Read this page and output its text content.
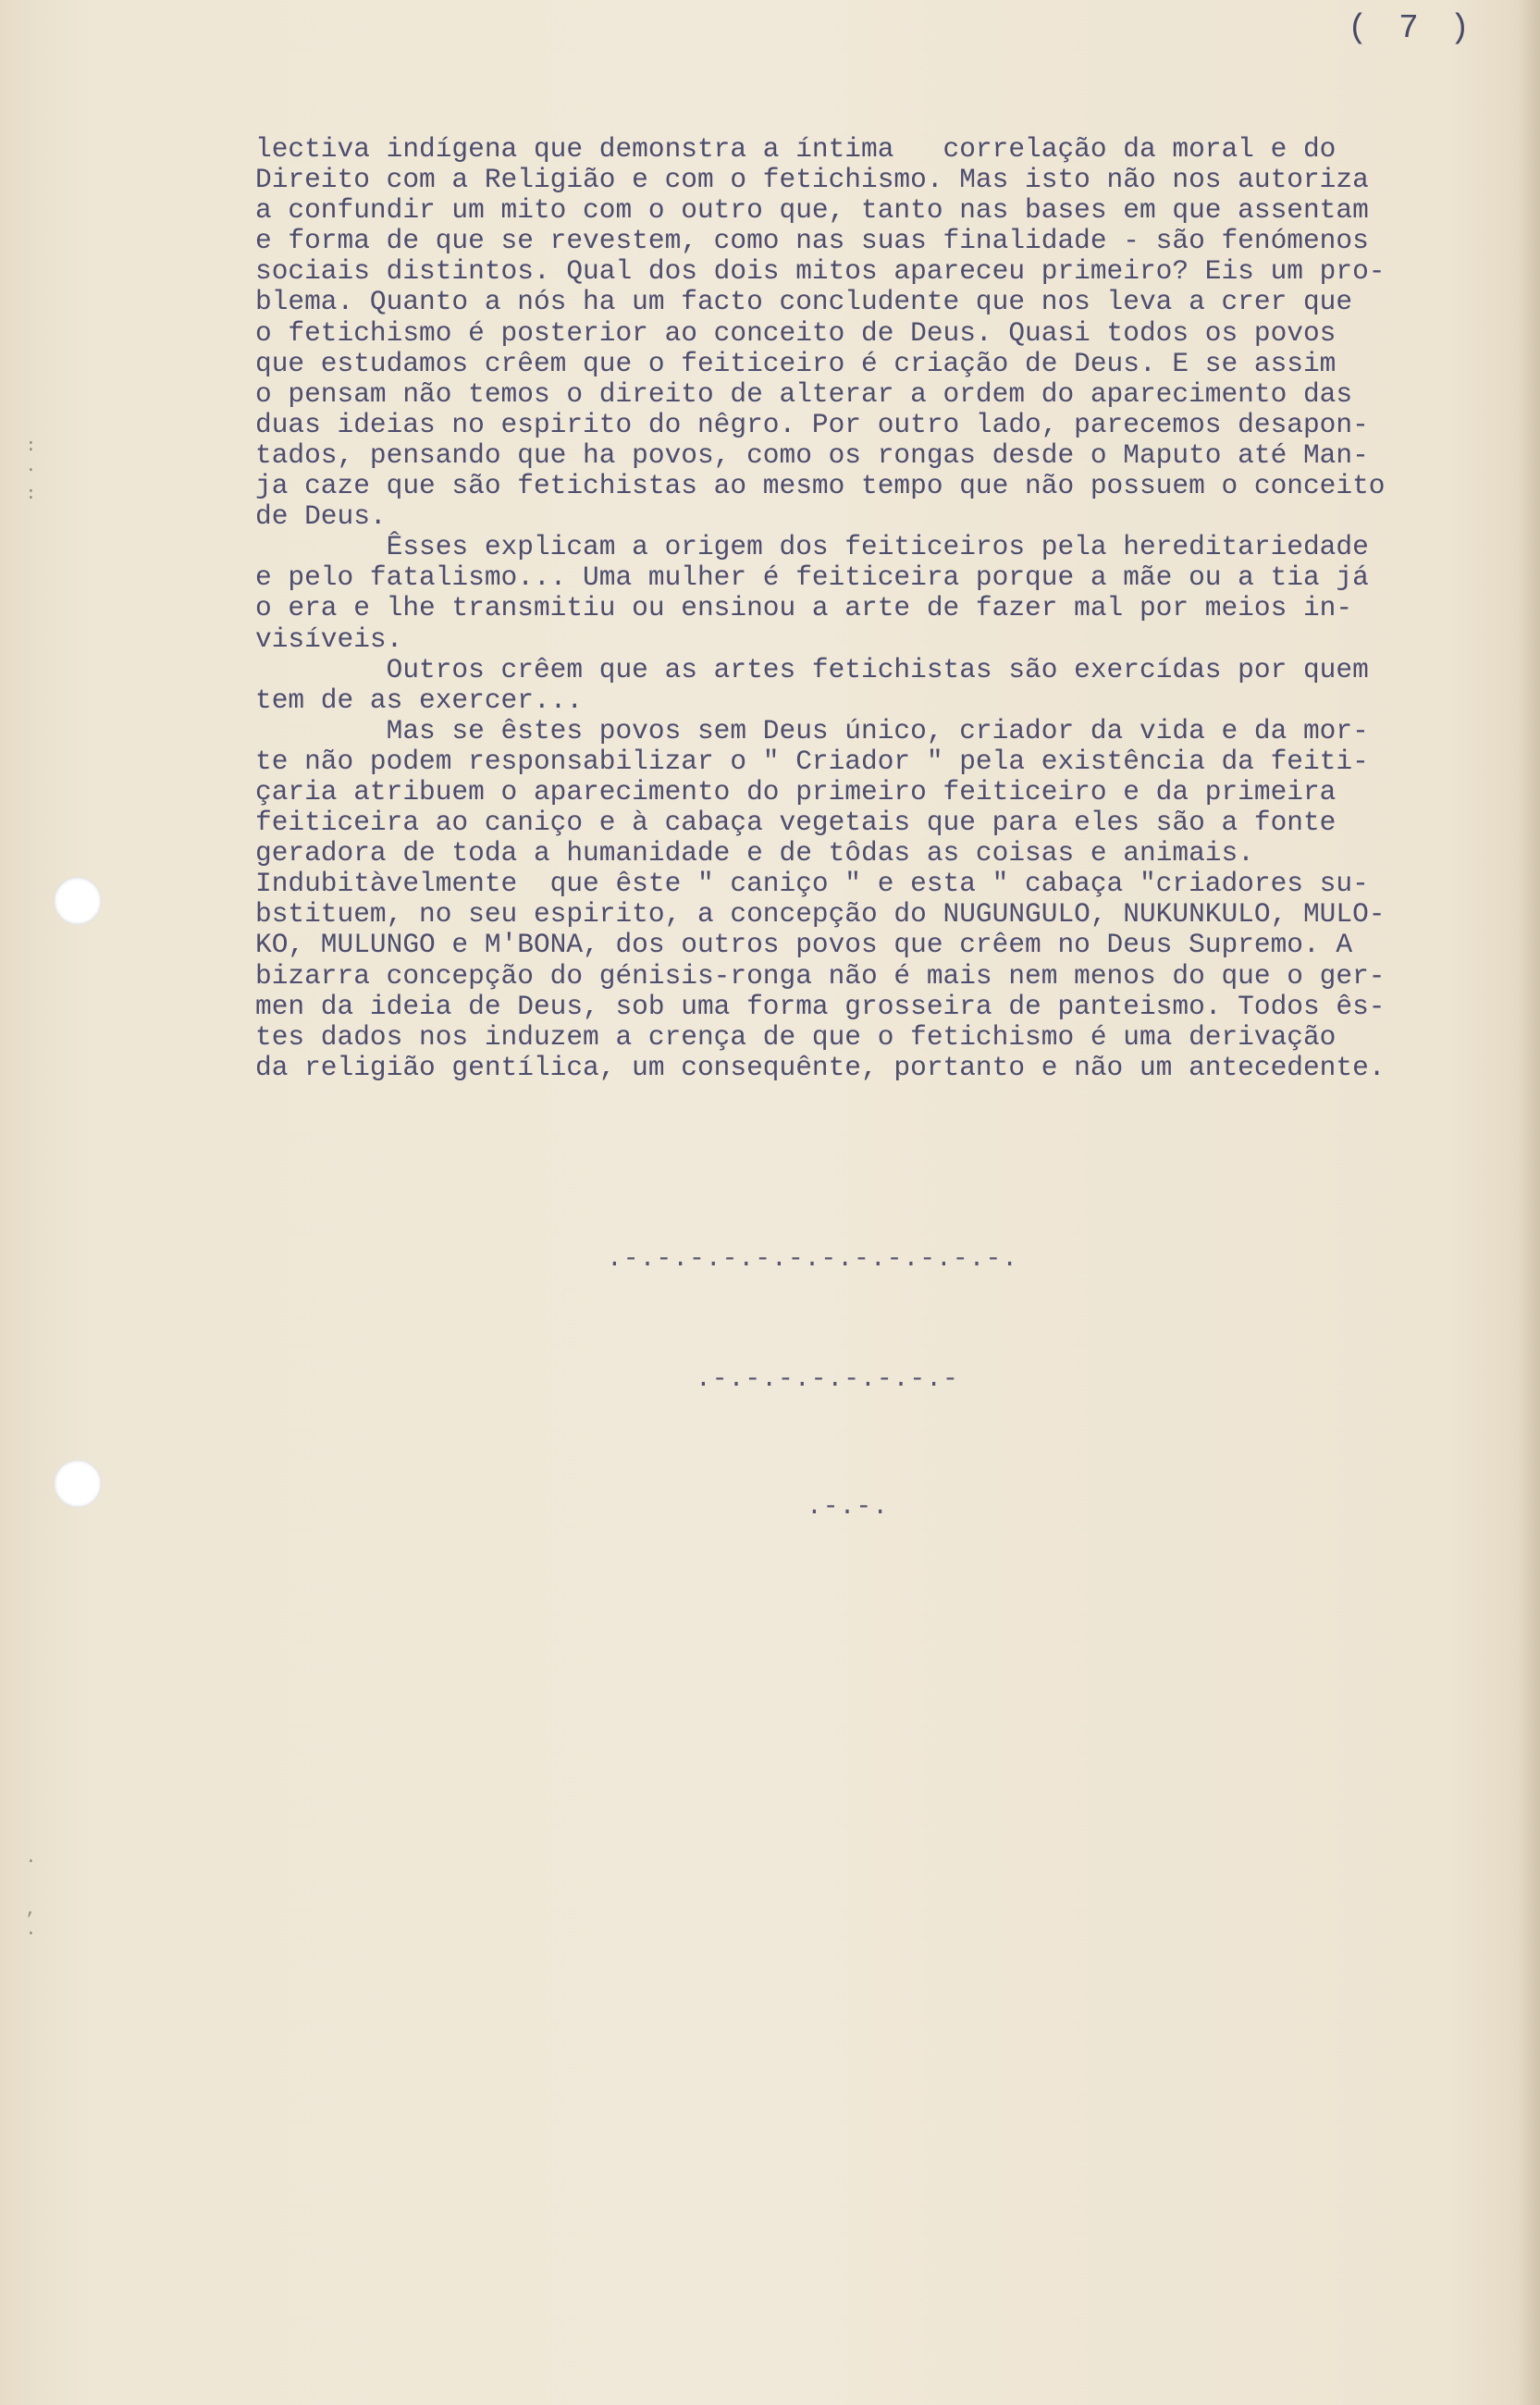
:
·
:
·

,
·
( 7 )
lectiva indígena que demonstra a íntima   correlação da moral e do
Direito com a Religião e com o fetichismo. Mas isto não nos autoriza
a confundir um mito com o outro que, tanto nas bases em que assentam
e forma de que se revestem, como nas suas finalidade - são fenómenos
sociais distintos. Qual dos dois mitos apareceu primeiro? Eis um pro-
blema. Quanto a nós ha um facto concludente que nos leva a crer que
o fetichismo é posterior ao conceito de Deus. Quasi todos os povos
que estudamos crêem que o feiticeiro é criação de Deus. E se assim
o pensam não temos o direito de alterar a ordem do aparecimento das
duas ideias no espirito do nêgro. Por outro lado, parecemos desapon-
tados, pensando que ha povos, como os rongas desde o Maputo até Man-
ja caze que são fetichistas ao mesmo tempo que não possuem o conceito
de Deus.
Êsses explicam a origem dos feiticeiros pela hereditariedade
e pelo fatalismo... Uma mulher é feiticeira porque a mãe ou a tia já
o era e lhe transmitiu ou ensinou a arte de fazer mal por meios in-
visíveis.
Outros crêem que as artes fetichistas são exercídas por quem
tem de as exercer...
Mas se êstes povos sem Deus único, criador da vida e da mor-
te não podem responsabilizar o " Criador " pela existência da feiti-
çaria atribuem o aparecimento do primeiro feiticeiro e da primeira
feiticeira ao caniço e à cabaça vegetais que para eles são a fonte
geradora de toda a humanidade e de tôdas as coisas e animais.
Indubitàvelmente  que êste " caniço " e esta " cabaça "criadores su-
bstituem, no seu espirito, a concepção do NUGUNGULO, NUKUNKULO, MULO-
KO, MULUNGO e M'BONA, dos outros povos que crêem no Deus Supremo. A
bizarra concepção do génisis-ronga não é mais nem menos do que o ger-
men da ideia de Deus, sob uma forma grosseira de panteismo. Todos ês-
tes dados nos induzem a crença de que o fetichismo é uma derivação
da religião gentílica, um consequênte, portanto e não um antecedente.
.-.-.-.-.-.-.-.-.-.-.-.-.
.-.-.-.-.-.-.-.-
.-.-.
